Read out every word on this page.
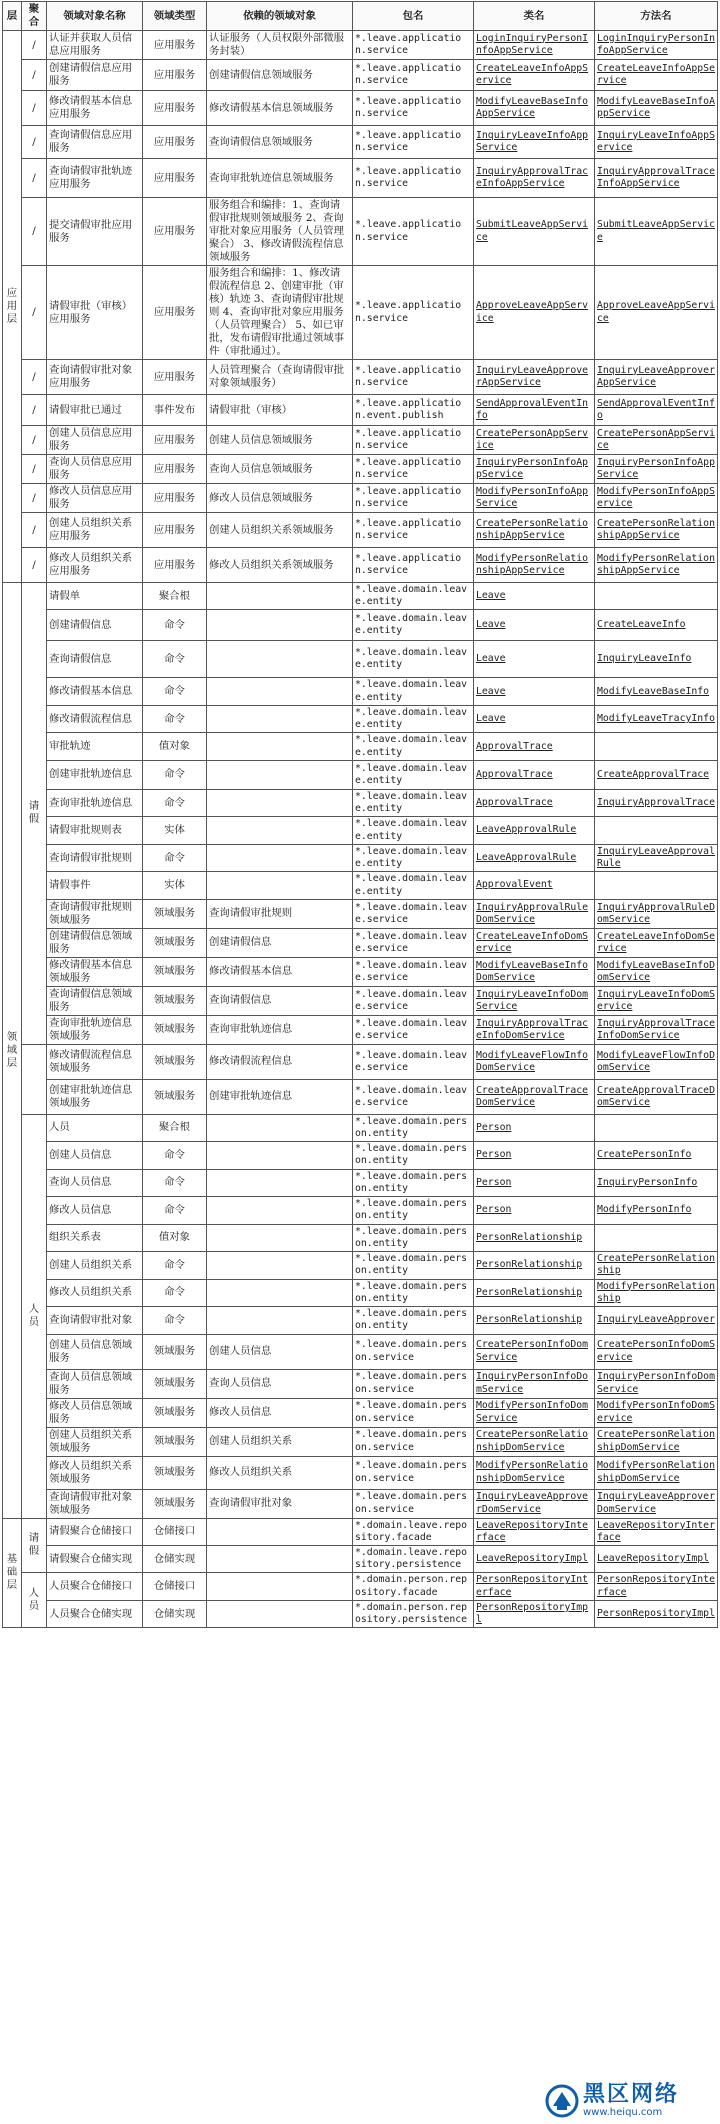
层	聚合	领域对象名称	领域类型	依赖的领域对象	包名	类名	方法名
应用层	/	认证并获取人员信息应用服务	应用服务	认证服务（人员权限外部微服务封装）	*.leave.application.service	LoginInquiryPersonInfoAppService	LoginInquiryPersonInfoAppService
	/	创建请假信息应用服务	应用服务	创建请假信息领域服务	*.leave.application.service	CreateLeaveInfoAppService	CreateLeaveInfoAppService
	/	修改请假基本信息应用服务	应用服务	修改请假基本信息领域服务	*.leave.application.service	ModifyLeaveBaseInfoAppService	ModifyLeaveBaseInfoAppService
	/	查询请假信息应用服务	应用服务	查询请假信息领域服务	*.leave.application.service	InquiryLeaveInfoAppService	InquiryLeaveInfoAppService
	/	查询请假审批轨迹应用服务	应用服务	查询审批轨迹信息领域服务	*.leave.application.service	InquiryApprovalTraceInfoAppService	InquiryApprovalTraceInfoAppService
	/	提交请假审批应用服务	应用服务	服务组合和编排：1、查询请假审批规则领域服务 2、查询审批对象应用服务（人员管理聚合） 3、修改请假流程信息领域服务	*.leave.application.service	SubmitLeaveAppService	SubmitLeaveAppService
	/	请假审批（审核）应用服务	应用服务	服务组合和编排：1、修改请假流程信息 2、创建审批（审核）轨迹 3、查询请假审批规则 4、查询审批对象应用服务（人员管理聚合） 5、如已审批，发布请假审批通过领域事件（审批通过）。	*.leave.application.service	ApproveLeaveAppService	ApproveLeaveAppService
	/	查询请假审批对象应用服务	应用服务	人员管理聚合（查询请假审批对象领域服务）	*.leave.application.service	InquiryLeaveApproverAppService	InquiryLeaveApproverAppService
	/	请假审批已通过	事件发布	请假审批（审核）	*.leave.application.event.publish	SendApprovalEventInfo	SendApprovalEventInfo
	/	创建人员信息应用服务	应用服务	创建人员信息领域服务	*.leave.application.service	CreatePersonAppService	CreatePersonAppService
	/	查询人员信息应用服务	应用服务	查询人员信息领域服务	*.leave.application.service	InquiryPersonInfoAppService	InquiryPersonInfoAppService
	/	修改人员信息应用服务	应用服务	修改人员信息领域服务	*.leave.application.service	ModifyPersonInfoAppService	ModifyPersonInfoAppService
	/	创建人员组织关系应用服务	应用服务	创建人员组织关系领域服务	*.leave.application.service	CreatePersonRelationshipAppService	CreatePersonRelationshipAppService
	/	修改人员组织关系应用服务	应用服务	修改人员组织关系领域服务	*.leave.application.service	ModifyPersonRelationshipAppService	ModifyPersonRelationshipAppService
领域层	请假	请假单	聚合根		*.leave.domain.leave.entity	Leave	
		创建请假信息	命令		*.leave.domain.leave.entity	Leave	CreateLeaveInfo
		查询请假信息	命令		*.leave.domain.leave.entity	Leave	InquiryLeaveInfo
		修改请假基本信息	命令		*.leave.domain.leave.entity	Leave	ModifyLeaveBaseInfo
		修改请假流程信息	命令		*.leave.domain.leave.entity	Leave	ModifyLeaveTracyInfo
		审批轨迹	值对象		*.leave.domain.leave.entity	ApprovalTrace	
		创建审批轨迹信息	命令		*.leave.domain.leave.entity	ApprovalTrace	CreateApprovalTrace
		查询审批轨迹信息	命令		*.leave.domain.leave.entity	ApprovalTrace	InquiryApprovalTrace
		请假审批规则表	实体		*.leave.domain.leave.entity	LeaveApprovalRule	
		查询请假审批规则	命令		*.leave.domain.leave.entity	LeaveApprovalRule	InquiryLeaveApprovalRule
		请假事件	实体		*.leave.domain.leave.entity	ApprovalEvent	
		查询请假审批规则领域服务	领域服务	查询请假审批规则	*.leave.domain.leave.service	InquiryApprovalRuleDomService	InquiryApprovalRuleDomService
		创建请假信息领域服务	领域服务	创建请假信息	*.leave.domain.leave.service	CreateLeaveInfoDomService	CreateLeaveInfoDomService
		修改请假基本信息领域服务	领域服务	修改请假基本信息	*.leave.domain.leave.service	ModifyLeaveBaseInfoDomService	ModifyLeaveBaseInfoDomService
		查询请假信息领域服务	领域服务	查询请假信息	*.leave.domain.leave.service	InquiryLeaveInfoDomService	InquiryLeaveInfoDomService
		查询审批轨迹信息领域服务	领域服务	查询审批轨迹信息	*.leave.domain.leave.service	InquiryApprovalTraceInfoDomService	InquiryApprovalTraceInfoDomService
		修改请假流程信息领域服务	领域服务	修改请假流程信息	*.leave.domain.leave.service	ModifyLeaveFlowInfoDomService	ModifyLeaveFlowInfoDomService
		创建审批轨迹信息领域服务	领域服务	创建审批轨迹信息	*.leave.domain.leave.service	CreateApprovalTraceDomService	CreateApprovalTraceDomService
	人员	人员	聚合根		*.leave.domain.person.entity	Person	
		创建人员信息	命令		*.leave.domain.person.entity	Person	CreatePersonInfo
		查询人员信息	命令		*.leave.domain.person.entity	Person	InquiryPersonInfo
		修改人员信息	命令		*.leave.domain.person.entity	Person	ModifyPersonInfo
		组织关系表	值对象		*.leave.domain.person.entity	PersonRelationship	
		创建人员组织关系	命令		*.leave.domain.person.entity	PersonRelationship	CreatePersonRelationship
		修改人员组织关系	命令		*.leave.domain.person.entity	PersonRelationship	ModifyPersonRelationship
		查询请假审批对象	命令		*.leave.domain.person.entity	PersonRelationship	InquiryLeaveApprover
		创建人员信息领域服务	领域服务	创建人员信息	*.leave.domain.person.service	CreatePersonInfoDomService	CreatePersonInfoDomService
		查询人员信息领域服务	领域服务	查询人员信息	*.leave.domain.person.service	InquiryPersonInfoDomService	InquiryPersonInfoDomService
		修改人员信息领域服务	领域服务	修改人员信息	*.leave.domain.person.service	ModifyPersonInfoDomService	ModifyPersonInfoDomService
		创建人员组织关系领域服务	领域服务	创建人员组织关系	*.leave.domain.person.service	CreatePersonRelationshipDomService	CreatePersonRelationshipDomService
		修改人员组织关系领域服务	领域服务	修改人员组织关系	*.leave.domain.person.service	ModifyPersonRelationshipDomService	ModifyPersonRelationshipDomService
		查询请假审批对象领域服务	领域服务	查询请假审批对象	*.leave.domain.person.service	InquiryLeaveApproverDomService	InquiryLeaveApproverDomService
基础层	请假	请假聚合仓储接口	仓储接口		*.domain.leave.repository.facade	LeaveRepositoryInterface	LeaveRepositoryInterface
		请假聚合仓储实现	仓储实现		*.domain.leave.repository.persistence	LeaveRepositoryImpl	LeaveRepositoryImpl
	人员	人员聚合仓储接口	仓储接口		*.domain.person.repository.facade	PersonRepositoryInterface	PersonRepositoryInterface
		人员聚合仓储实现	仓储实现		*.domain.person.repository.persistence	PersonRepositoryImpl	PersonRepositoryImpl
黑区网络
www.heiqu.com
